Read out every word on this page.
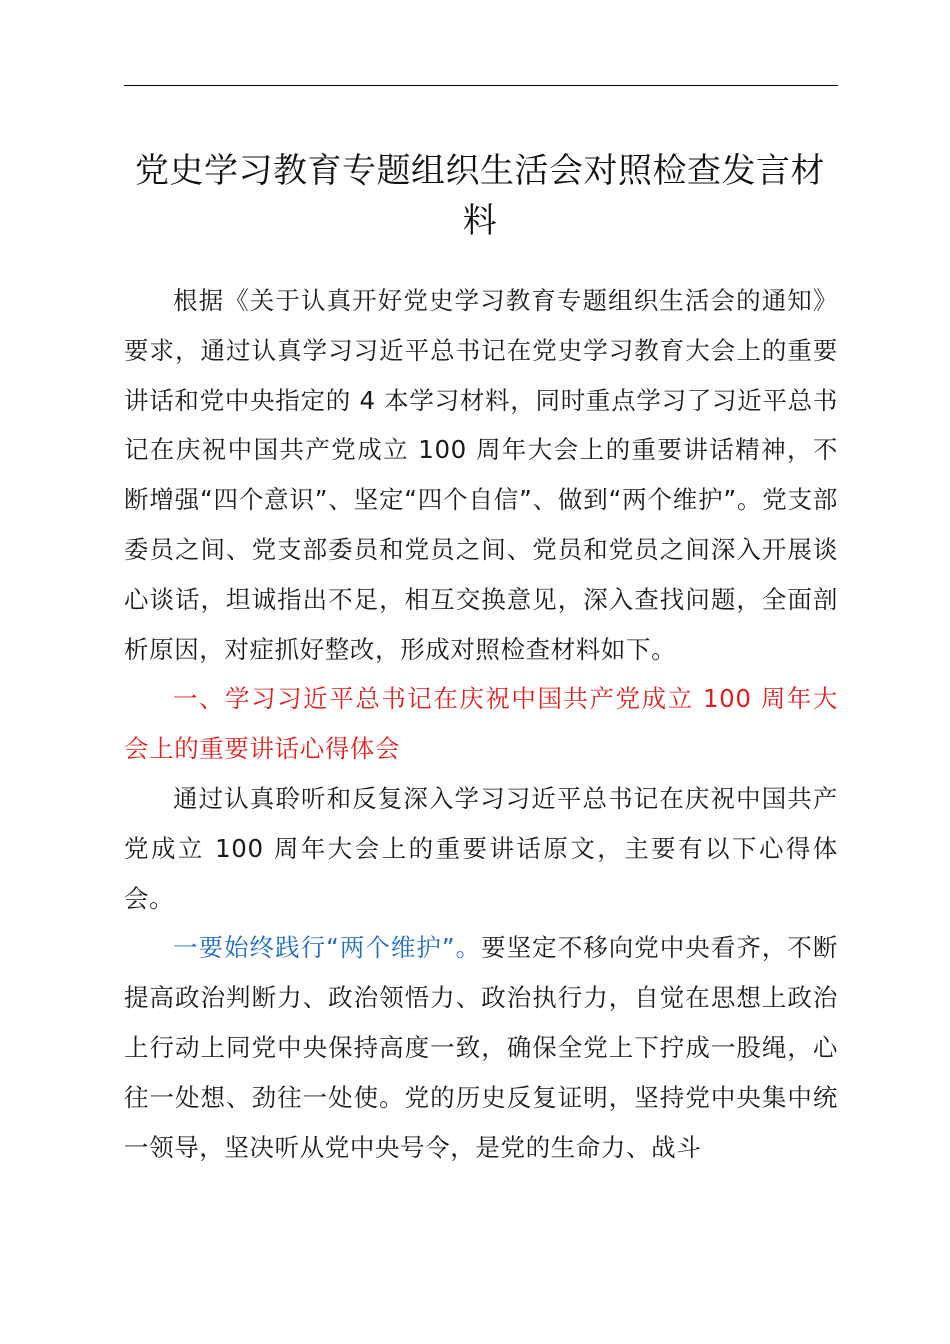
党史学习教育专题组织生活会对照检查发言材料

根据《关于认真开好党史学习教育专题组织生活会的通知》要求，通过认真学习习近平总书记在党史学习教育大会上的重要讲话和党中央指定的 4 本学习材料，同时重点学习了习近平总书记在庆祝中国共产党成立 100 周年大会上的重要讲话精神，不断增强“四个意识”、坚定“四个自信”、做到“两个维护”。党支部委员之间、党支部委员和党员之间、党员和党员之间深入开展谈心谈话，坦诚指出不足，相互交换意见，深入查找问题，全面剖析原因，对症抓好整改，形成对照检查材料如下。

一、学习习近平总书记在庆祝中国共产党成立 100 周年大会上的重要讲话心得体会

通过认真聆听和反复深入学习习近平总书记在庆祝中国共产党成立 100 周年大会上的重要讲话原文，主要有以下心得体会。

一要始终践行“两个维护”。要坚定不移向党中央看齐，不断提高政治判断力、政治领悟力、政治执行力，自觉在思想上政治上行动上同党中央保持高度一致，确保全党上下拧成一股绳，心往一处想、劲往一处使。党的历史反复证明，坚持党中央集中统一领导，坚决听从党中央号令，是党的生命力、战斗
